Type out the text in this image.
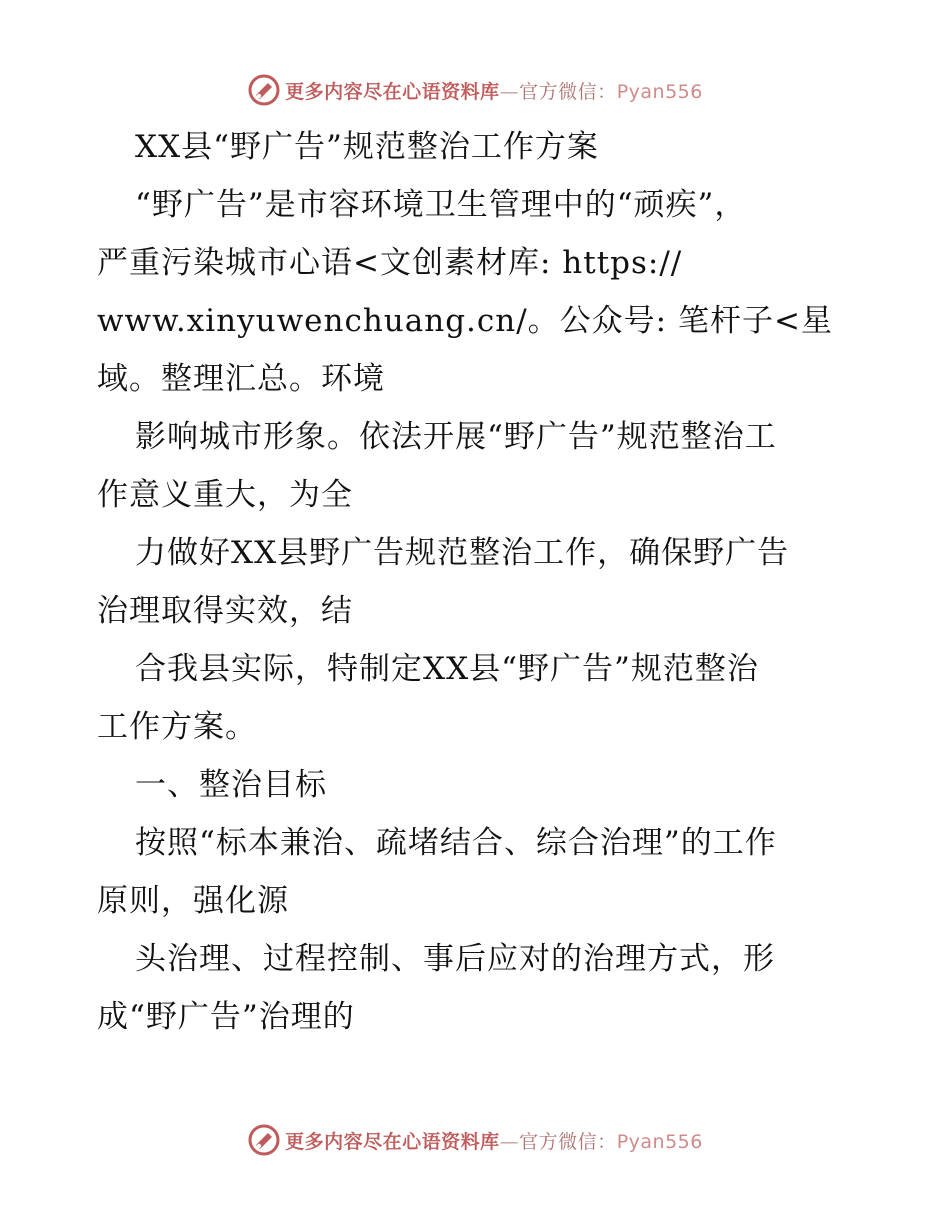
更多内容尽在心语资料库—官方微信：Pyan556
XX县“野广告”规范整治工作方案
“野广告”是市容环境卫生管理中的“顽疾”，
严重污染城市心语<文创素材库: https://
www.xinyuwenchuang.cn/。公众号: 笔杆子<星
域。整理汇总。环境
影响城市形象。依法开展“野广告”规范整治工
作意义重大，为全
力做好XX县野广告规范整治工作，确保野广告
治理取得实效，结
合我县实际，特制定XX县“野广告”规范整治
工作方案。
一、整治目标
按照“标本兼治、疏堵结合、综合治理”的工作
原则，强化源
头治理、过程控制、事后应对的治理方式，形
成“野广告”治理的
更多内容尽在心语资料库—官方微信：Pyan556
